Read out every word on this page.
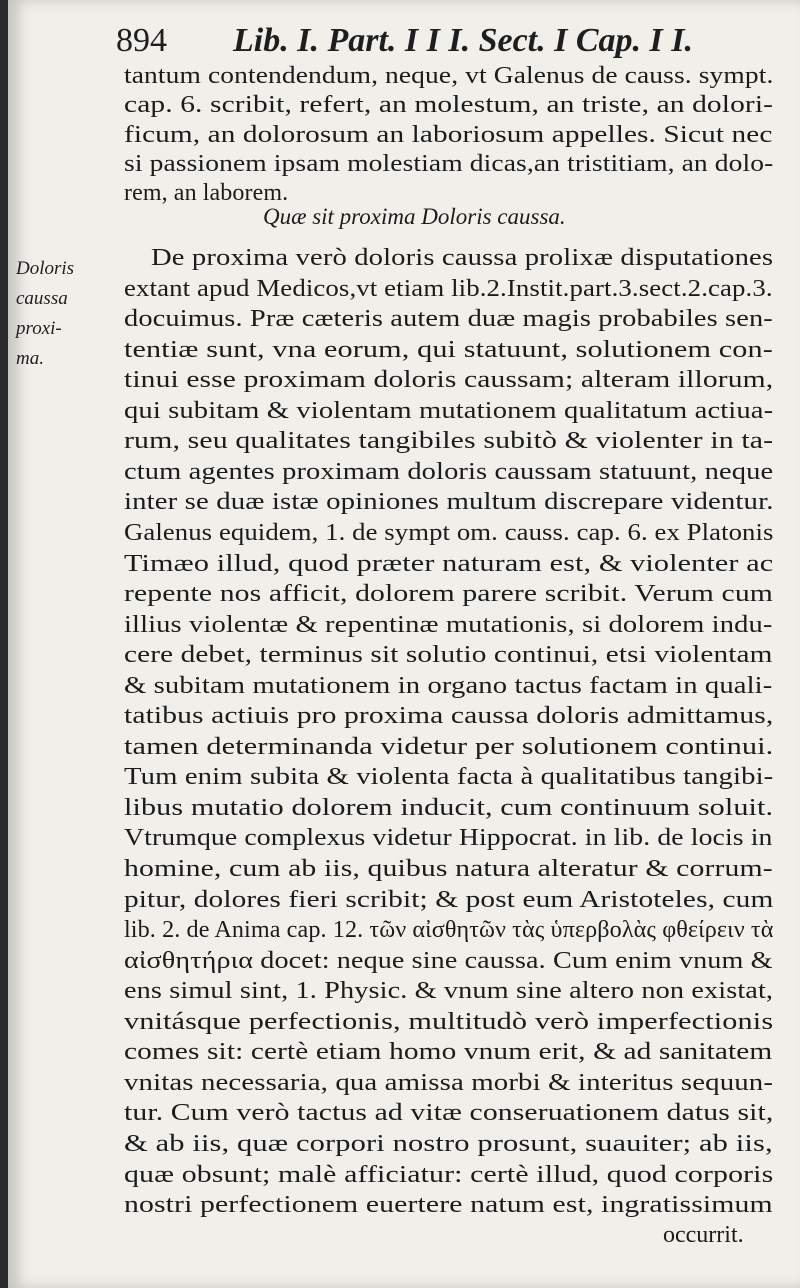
894 Lib. I. Part. I I I. Sect. I Cap. I I.
Doloris
caussa
proxi-
ma.
Quæ sit proxima Doloris caussa.
tantum contendendum, neque, vt Galenus de causs. sympt.
cap. 6. scribit, refert, an molestum, an triste, an dolori-
ficum, an dolorosum an laboriosum appelles. Sicut nec
si passionem ipsam molestiam dicas,an tristitiam, an dolo-
rem, an laborem.
De proxima verò doloris caussa prolixæ disputationes
extant apud Medicos,vt etiam lib.2.Instit.part.3.sect.2.cap.3.
docuimus. Præ cæteris autem duæ magis probabiles sen-
tentiæ sunt, vna eorum, qui statuunt, solutionem con-
tinui esse proximam doloris caussam; alteram illorum,
qui subitam & violentam mutationem qualitatum actiua-
rum, seu qualitates tangibiles subitò & violenter in ta-
ctum agentes proximam doloris caussam statuunt, neque
inter se duæ istæ opiniones multum discrepare videntur.
Galenus equidem, 1. de sympt om. causs. cap. 6. ex Platonis
Timæo illud, quod præter naturam est, & violenter ac
repente nos afficit, dolorem parere scribit. Verum cum
illius violentæ & repentinæ mutationis, si dolorem indu-
cere debet, terminus sit solutio continui, etsi violentam
& subitam mutationem in organo tactus factam in quali-
tatibus actiuis pro proxima caussa doloris admittamus,
tamen determinanda videtur per solutionem continui.
Tum enim subita & violenta facta à qualitatibus tangibi-
libus mutatio dolorem inducit, cum continuum soluit.
Vtrumque complexus videtur Hippocrat. in lib. de locis in
homine, cum ab iis, quibus natura alteratur & corrum-
pitur, dolores fieri scribit; & post eum Aristoteles, cum
lib. 2. de Anima cap. 12. τῶν αἰσθητῶν τὰς ὑπερβολὰς φθείρειν τὰ
αἰσθητήρια docet: neque sine caussa. Cum enim vnum &
ens simul sint, 1. Physic. & vnum sine altero non existat,
vnitásque perfectionis, multitudò verò imperfectionis
comes sit: certè etiam homo vnum erit, & ad sanitatem
vnitas necessaria, qua amissa morbi & interitus sequun-
tur. Cum verò tactus ad vitæ conseruationem datus sit,
& ab iis, quæ corpori nostro prosunt, suauiter; ab iis,
quæ obsunt; malè afficiatur: certè illud, quod corporis
nostri perfectionem euertere natum est, ingratissimum
occurrit.
